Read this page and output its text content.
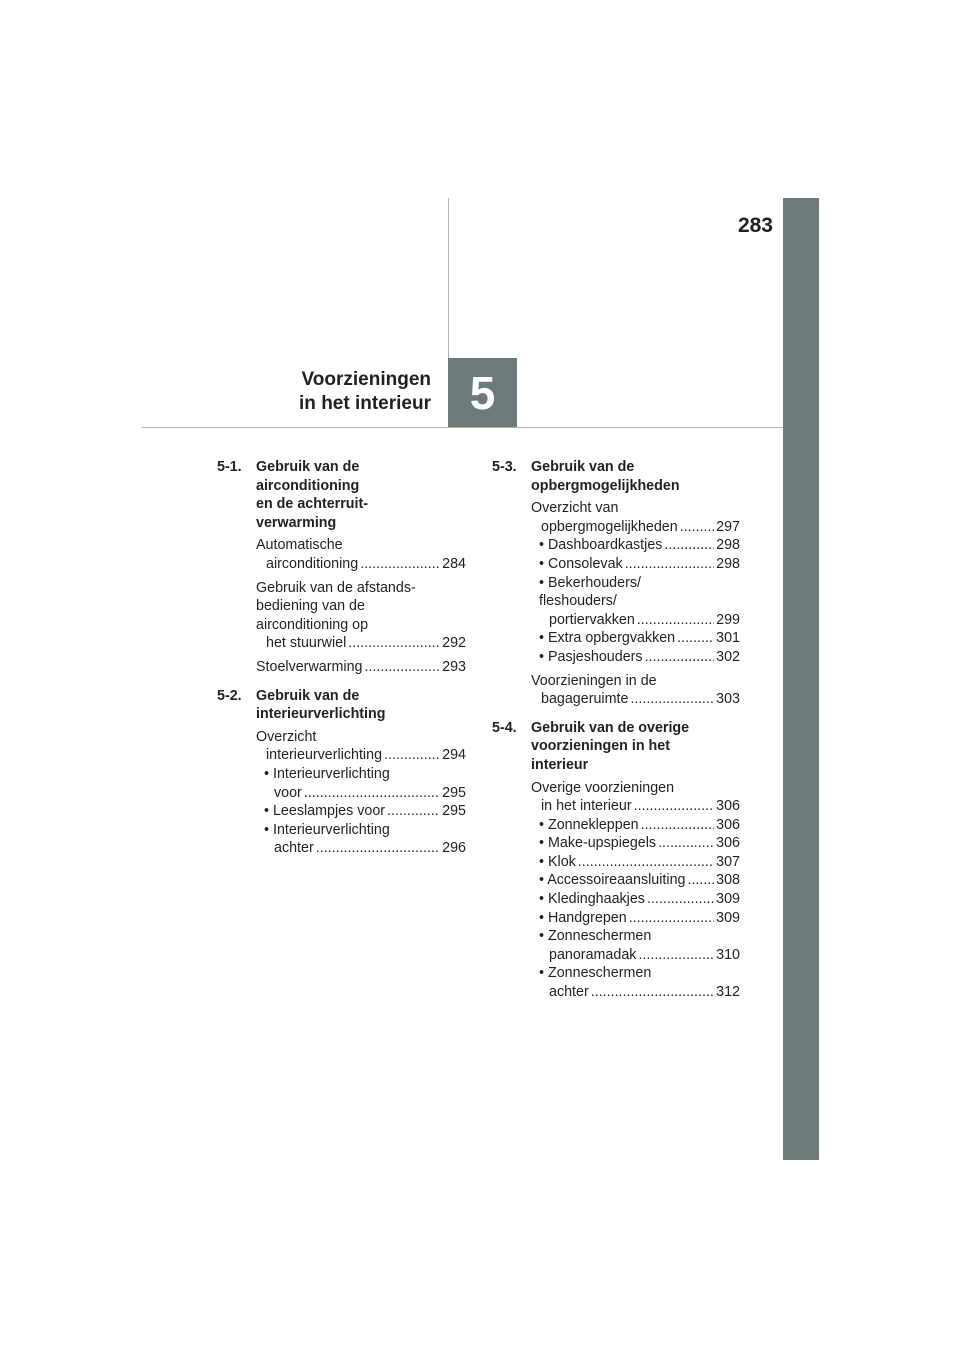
283
5
Voorzieningen
in het interieur
5-1.	Gebruik van de
airconditioning
en de achterruit-
verwarming
Automatische
airconditioning .....	284
Gebruik van de afstands-
bediening van de
airconditioning op
het stuurwiel .....	292
Stoelverwarming .....	293
5-2.	Gebruik van de
interieurverlichting
Overzicht
interieurverlichting .....	294
• Interieurverlichting
voor .....	295
• Leeslampjes voor .....	295
• Interieurverlichting
achter .....	296
5-3.	Gebruik van de
opbergmogelijkheden
Overzicht van
opbergmogelijkheden .....	297
• Dashboardkastjes .....	298
• Consolevak .....	298
• Bekerhouders/
fleshouders/
portiervakken .....	299
• Extra opbergvakken .....	301
• Pasjeshouders .....	302
Voorzieningen in de
bagageruimte .....	303
5-4.	Gebruik van de overige
voorzieningen in het
interieur
Overige voorzieningen
in het interieur .....	306
• Zonnekleppen .....	306
• Make-upspiegels .....	306
• Klok .....	307
• Accessoireaansluiting ..... 308
• Kledinghaakjes .....	309
• Handgrepen .....	309
• Zonneschermen
panoramadak .....	310
• Zonneschermen
achter .....	312
